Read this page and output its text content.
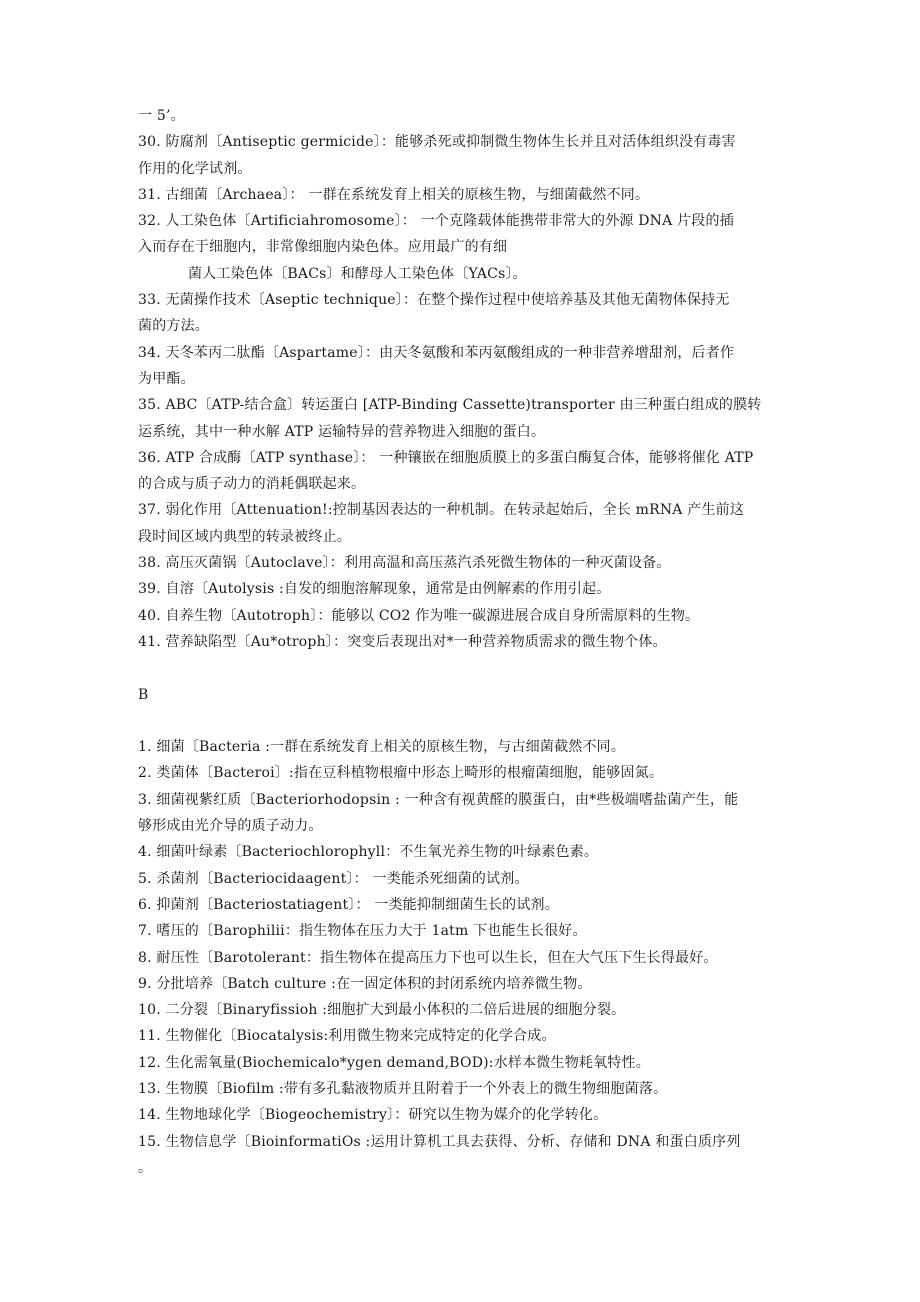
一 5’。
30. 防腐剂〔Antiseptic germicide〕：能够杀死或抑制微生物体生长并且对活体组织没有毒害
作用的化学试剂。
31. 古细菌〔Archaea〕： 一群在系统发育上相关的原核生物，与细菌截然不同。
32. 人工染色体〔Artificiahromosome〕： 一个克隆载体能携带非常大的外源 DNA 片段的插
入而存在于细胞内，非常像细胞内染色体。应用最广的有细
菌人工染色体〔BACs〕和酵母人工染色体〔YACs〕。
33. 无菌操作技术〔Aseptic technique〕：在整个操作过程中使培养基及其他无菌物体保持无
菌的方法。
34. 天冬苯丙二肽酯〔Aspartame〕：由天冬氨酸和苯丙氨酸组成的一种非营养增甜剂，后者作
为甲酯。
35. ABC〔ATP-结合盒〕转运蛋白 [ATP-Binding Cassette)transporter 由三种蛋白组成的膜转
运系统，其中一种水解 ATP 运输特异的营养物进入细胞的蛋白。
36. ATP 合成酶〔ATP synthase〕： 一种镶嵌在细胞质膜上的多蛋白酶复合体，能够将催化 ATP
的合成与质子动力的消耗偶联起来。
37. 弱化作用〔Attenuation!:控制基因表达的一种机制。在转录起始后，全长 mRNA 产生前这
段时间区域内典型的转录被终止。
38. 高压灭菌锅〔Autoclave〕：利用高温和高压蒸汽杀死微生物体的一种灭菌设备。
39. 自溶〔Autolysis :自发的细胞溶解现象，通常是由例解素的作用引起。
40. 自养生物〔Autotroph〕：能够以 CO2 作为唯一碳源进展合成自身所需原料的生物。
41. 营养缺陷型〔Au*otroph〕：突变后表现出对*一种营养物质需求的微生物个体。
B
1. 细菌〔Bacteria :一群在系统发育上相关的原核生物，与古细菌截然不同。
2. 类菌体〔Bacteroi〕:指在豆科植物根瘤中形态上畸形的根瘤菌细胞，能够固氮。
3. 细菌视紫红质〔Bacteriorhodopsin : 一种含有视黄醛的膜蛋白，由*些极端嗜盐菌产生，能
够形成由光介导的质子动力。
4. 细菌叶绿素〔Bacteriochlorophyll：不生氧光养生物的叶绿素色素。
5. 杀菌剂〔Bacteriocidaagent〕： 一类能杀死细菌的试剂。
6. 抑菌剂〔Bacteriostatiagent〕： 一类能抑制细菌生长的试剂。
7. 嗜压的〔Barophilii：指生物体在压力大于 1atm 下也能生长很好。
8. 耐压性〔Barotolerant：指生物体在提高压力下也可以生长，但在大气压下生长得最好。
9. 分批培养〔Batch culture :在一固定体积的封闭系统内培养微生物。
10. 二分裂〔Binaryfissioh :细胞扩大到最小体积的二倍后进展的细胞分裂。
11. 生物催化〔Biocatalysis:利用微生物来完成特定的化学合成。
12. 生化需氧量(Biochemicalo*ygen demand,BOD):水样本微生物耗氧特性。
13. 生物膜〔Biofilm :带有多孔黏液物质并且附着于一个外表上的微生物细胞菌落。
14. 生物地球化学〔Biogeochemistry〕：研究以生物为媒介的化学转化。
15. 生物信息学〔BioinformatiOs :运用计算机工具去获得、分析、存储和 DNA 和蛋白质序列
。
